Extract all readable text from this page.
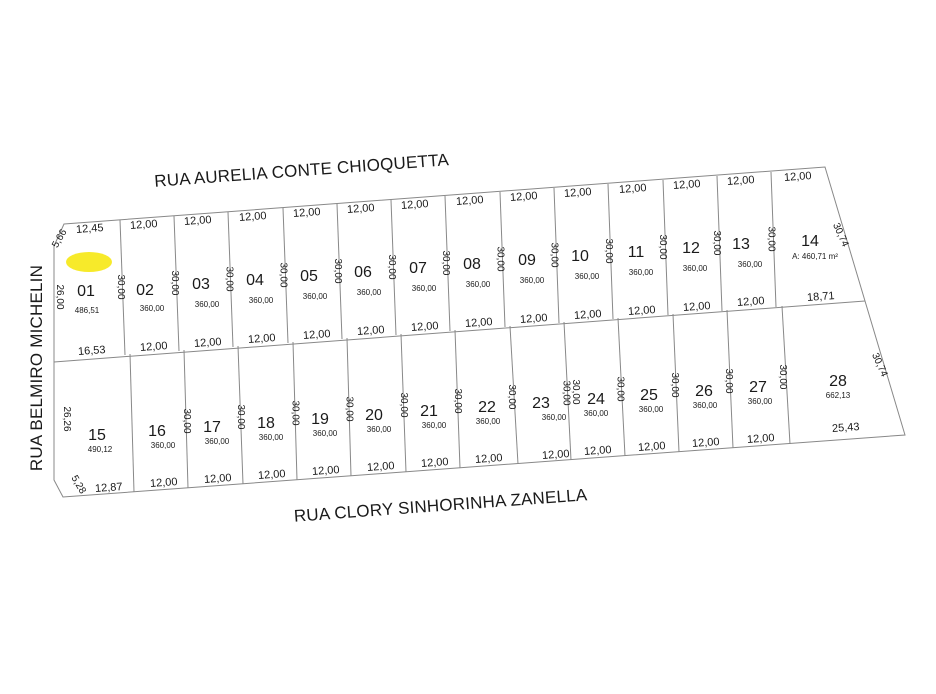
RUA AURELIA CONTE CHIOQUETTA
RUA CLORY SINHORINHA ZANELLA
RUA BELMIRO MICHELIN 01
486,51
12,45
16,53
30,00 02
360,00
12,00
12,00
30,00 03
360,00
12,00
12,00
30,00 04
360,00
12,00
12,00
30,00 05
360,00
12,00
12,00
30,00 06
360,00
12,00
12,00
30,00 07
360,00
12,00
12,00
30,00 08
360,00
12,00
12,00
30,00 09
360,00
12,00
12,00
30,00 10
360,00
12,00
12,00
30,00 11
360,00
12,00
12,00
30,00 12
360,00
12,00
12,00
30,00 13
360,00
12,00
12,00
30,00 14
A: 460,71 m²
12,00
18,71
15
490,12
12,87
16
360,00
12,00
30,00 17
360,00
12,00
30,00 18
360,00
12,00
30,00 19
360,00
12,00
30,00 20
360,00
12,00
30,00 21
360,00
12,00
30,00 22
360,00
12,00
30,00 23
360,00
12,00
30,00 24
360,00
12,00
30,00 25
360,00
12,00
30,00 26
360,00
12,00
30,00 27
360,00
12,00
30,00	28
662,13
25,43
30,00
5,66
26,00
26,26
5,28
30,74
30,74
